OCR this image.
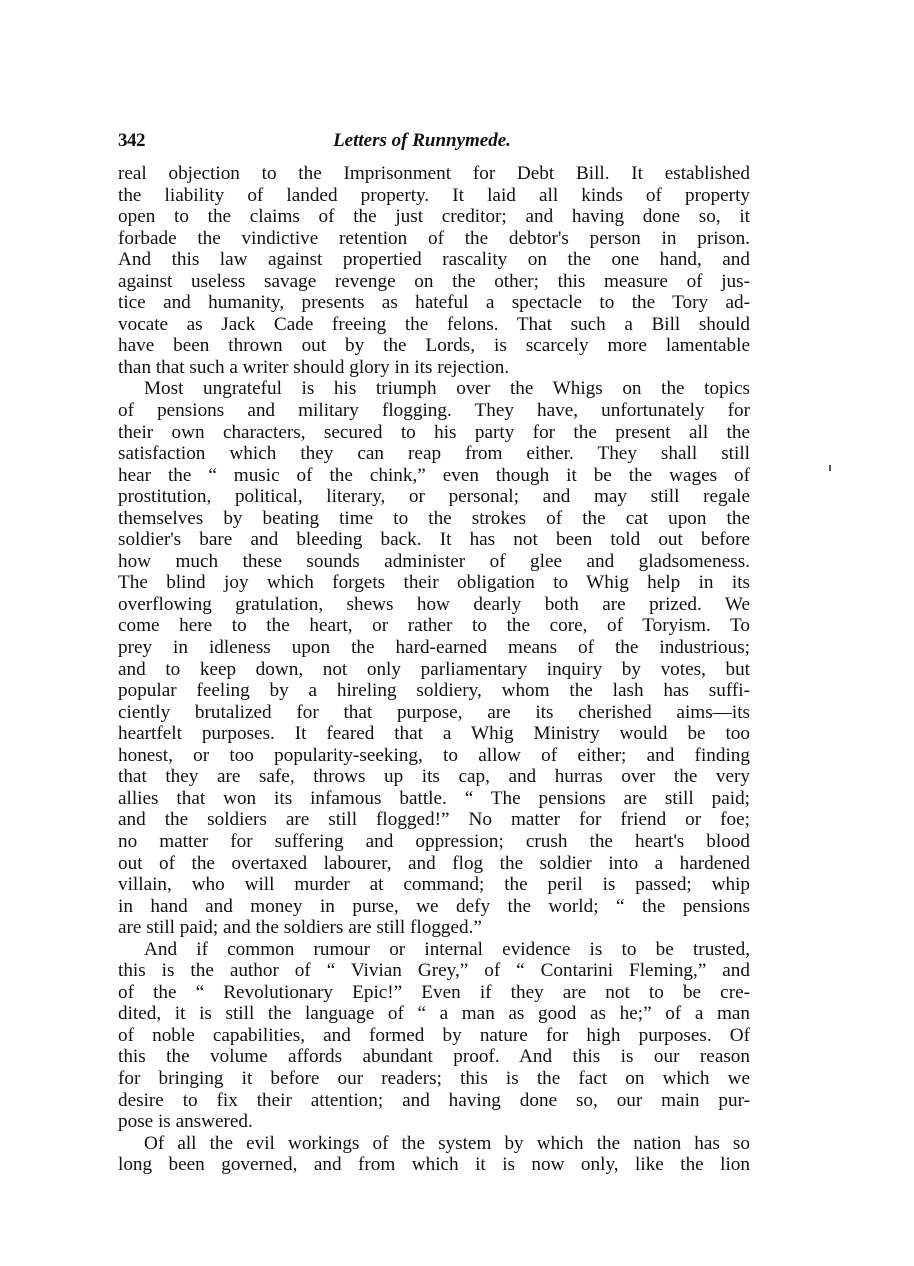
342	Letters of Runnymede.
real objection to the Imprisonment for Debt Bill. It established
the liability of landed property. It laid all kinds of property
open to the claims of the just creditor; and having done so, it
forbade the vindictive retention of the debtor's person in prison.
And this law against propertied rascality on the one hand, and
against useless savage revenge on the other; this measure of jus-
tice and humanity, presents as hateful a spectacle to the Tory ad-
vocate as Jack Cade freeing the felons. That such a Bill should
have been thrown out by the Lords, is scarcely more lamentable
than that such a writer should glory in its rejection.
Most ungrateful is his triumph over the Whigs on the topics
of pensions and military flogging. They have, unfortunately for
their own characters, secured to his party for the present all the
satisfaction which they can reap from either. They shall still
hear the “ music of the chink,” even though it be the wages of
prostitution, political, literary, or personal; and may still regale
themselves by beating time to the strokes of the cat upon the
soldier's bare and bleeding back. It has not been told out before
how much these sounds administer of glee and gladsomeness.
The blind joy which forgets their obligation to Whig help in its
overflowing gratulation, shews how dearly both are prized. We
come here to the heart, or rather to the core, of Toryism. To
prey in idleness upon the hard-earned means of the industrious;
and to keep down, not only parliamentary inquiry by votes, but
popular feeling by a hireling soldiery, whom the lash has suffi-
ciently brutalized for that purpose, are its cherished aims—its
heartfelt purposes. It feared that a Whig Ministry would be too
honest, or too popularity-seeking, to allow of either; and finding
that they are safe, throws up its cap, and hurras over the very
allies that won its infamous battle. “ The pensions are still paid;
and the soldiers are still flogged!” No matter for friend or foe;
no matter for suffering and oppression; crush the heart's blood
out of the overtaxed labourer, and flog the soldier into a hardened
villain, who will murder at command; the peril is passed; whip
in hand and money in purse, we defy the world; “ the pensions
are still paid; and the soldiers are still flogged.”
And if common rumour or internal evidence is to be trusted,
this is the author of “ Vivian Grey,” of “ Contarini Fleming,” and
of the “ Revolutionary Epic!” Even if they are not to be cre-
dited, it is still the language of “ a man as good as he;” of a man
of noble capabilities, and formed by nature for high purposes. Of
this the volume affords abundant proof. And this is our reason
for bringing it before our readers; this is the fact on which we
desire to fix their attention; and having done so, our main pur-
pose is answered.
Of all the evil workings of the system by which the nation has so
long been governed, and from which it is now only, like the lion
